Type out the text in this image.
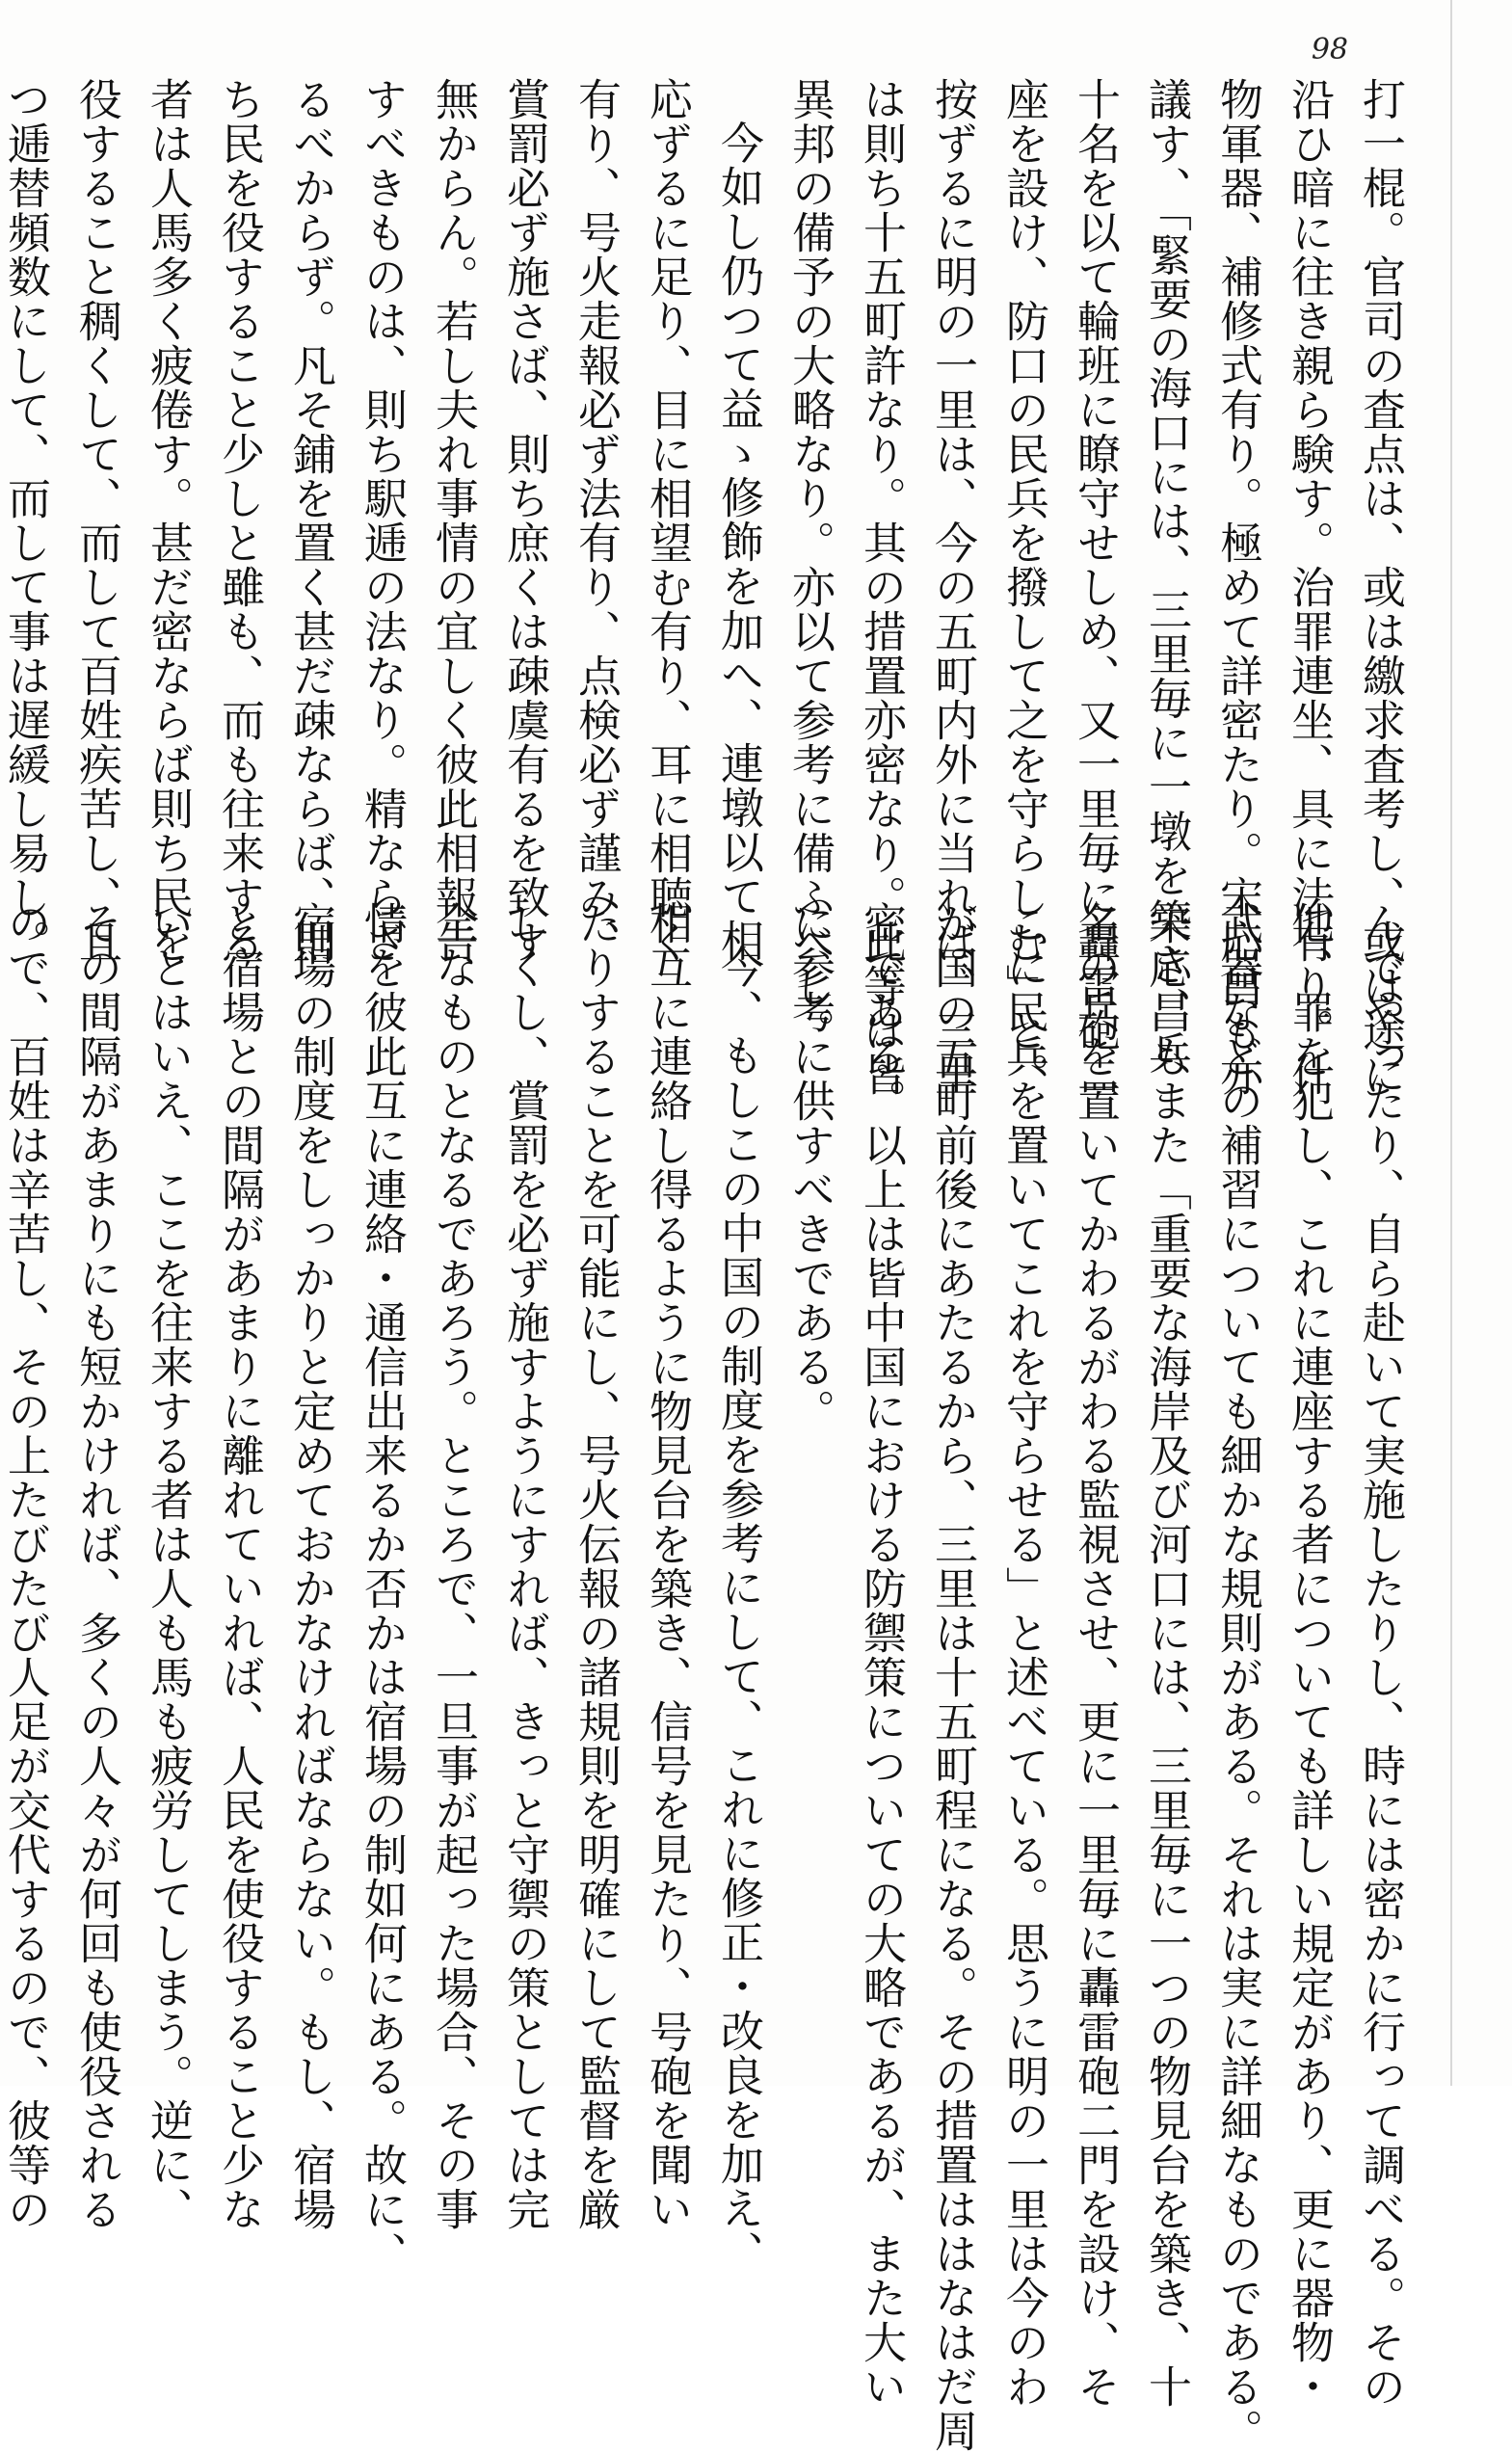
98
打一棍。官司の査点は、或は繳求査考し、或は途に
沿ひ暗に往き親ら験す。治罪連坐、具に法有り。什
物軍器、補修式有り。極めて詳密たり。宋応昌も亦
議す、「緊要の海口には、三里毎に一墩を築き、兵
十名を以て輪班に瞭守せしめ、又一里毎に轟雷砲二
座を設け、防口の民兵を撥して之を守らしむ」と。
按ずるに明の一里は、今の五町内外に当れば、三里
は則ち十五町許なり。其の措置亦密なり。此等は皆
異邦の備予の大略なり。亦以て参考に備ふべし。
今如し仍つて益ゝ修飾を加へ、連墩以て相
応ずるに足り、目に相望む有り、耳に相聴く
有り、号火走報必ず法有り、点検必ず謹み、
賞罰必ず施さば、則ち庶くは疎虞有るを致す
無からん。若し夫れ事情の宜しく彼此相報告
すべきものは、則ち駅逓の法なり。精ならざ
るべからず。凡そ鋪を置く甚だ疎ならば、則
ち民を役すること少しと雖も、而も往来する
者は人馬多く疲倦す。甚だ密ならば則ち民を
役すること稠くして、而して百姓疾苦し、且
つ逓替頻数にして、而して事は遅緩し易し。
んでやったり、自ら赴いて実施したりし、時には密かに行って調べる。その
他、罪を犯し、これに連座する者についても詳しい規定があり、更に器物・
武器などの補習についても細かな規則がある。それは実に詳細なものである。
宋応昌もまた「重要な海岸及び河口には、三里毎に一つの物見台を築き、十
名の兵を置いてかわるがわる監視させ、更に一里毎に轟雷砲二門を設け、そ
こに民兵を置いてこれを守らせる」と述べている。思うに明の一里は今のわ
が国の五町前後にあたるから、三里は十五町程になる。その措置ははなはだ周
密である。以上は皆中国における防禦策についての大略であるが、また大い
に参考に供すべきである。
今、もしこの中国の制度を参考にして、これに修正・改良を加え、
相互に連絡し得るように物見台を築き、信号を見たり、号砲を聞い
たりすることを可能にし、号火伝報の諸規則を明確にして監督を厳
しくし、賞罰を必ず施すようにすれば、きっと守禦の策としては完
全なものとなるであろう。ところで、一旦事が起った場合、その事
情を彼此互に連絡・通信出来るか否かは宿場の制如何にある。故に、
宿場の制度をしっかりと定めておかなければならない。もし、宿場
と宿場との間隔があまりに離れていれば、人民を使役すること少な
いとはいえ、ここを往来する者は人も馬も疲労してしまう。逆に、
その間隔があまりにも短かければ、多くの人々が何回も使役される
ので、百姓は辛苦し、その上たびたび人足が交代するので、彼等の
